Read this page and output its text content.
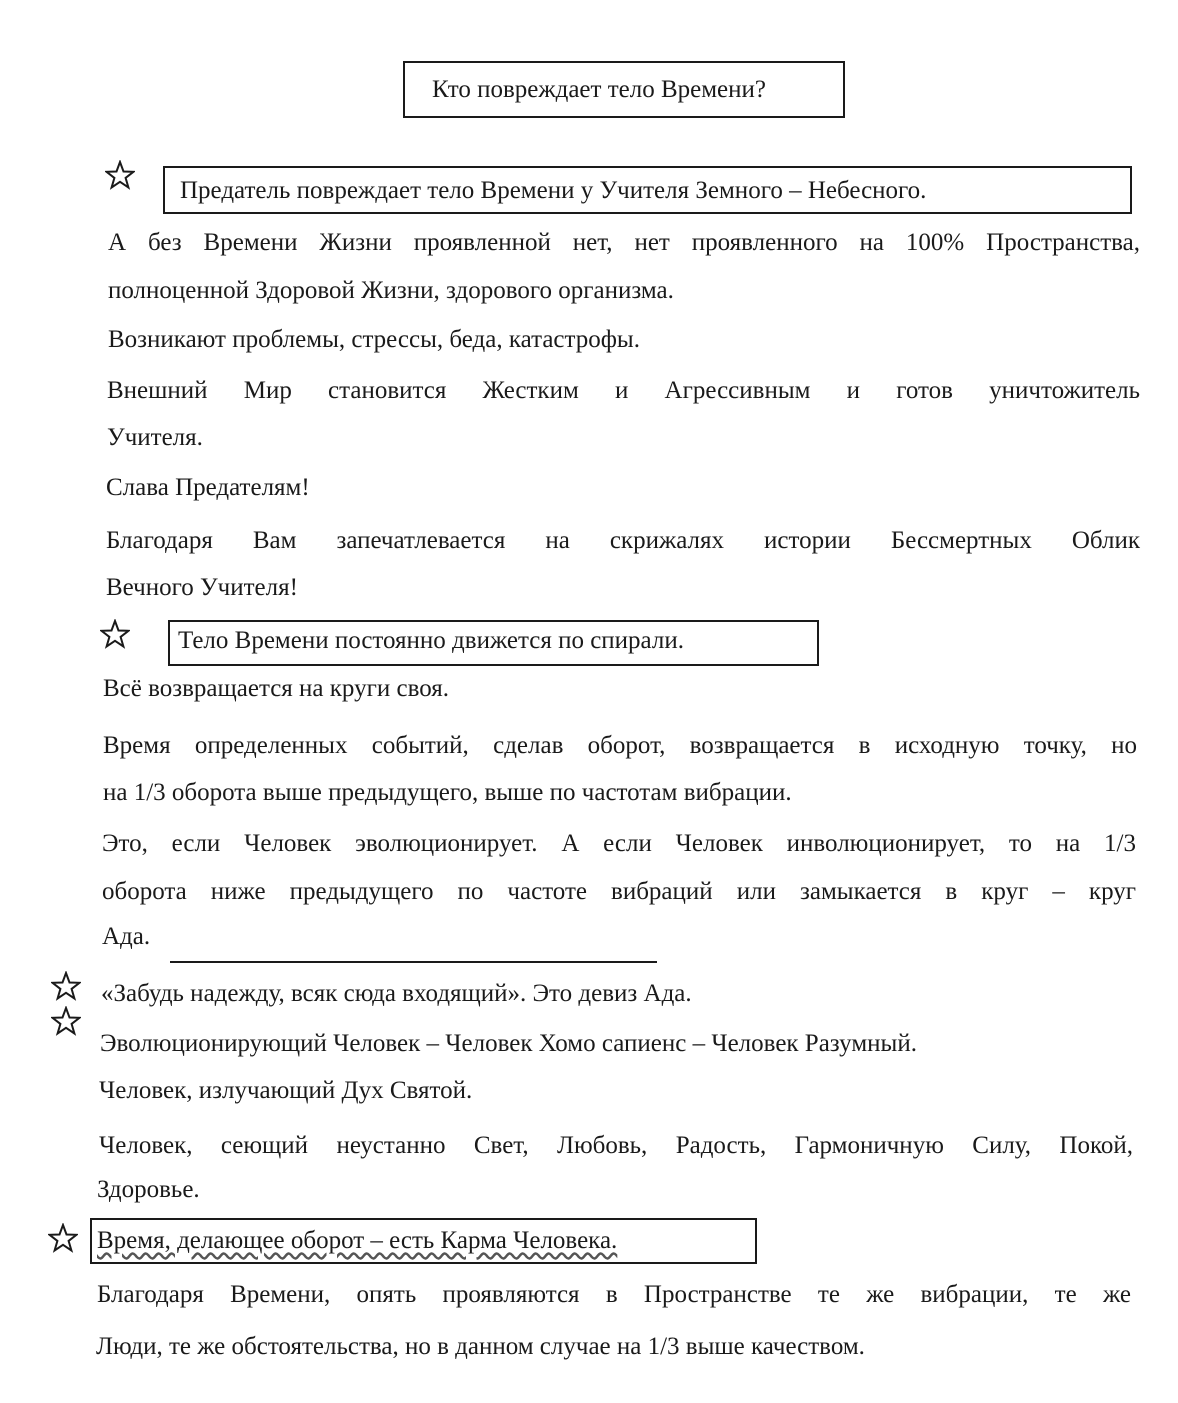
Кто повреждает тело Времени?
Предатель повреждает тело Времени у Учителя Земного – Небесного.
А без Времени Жизни проявленной нет, нет проявленного на 100% Пространства,
полноценной Здоровой Жизни, здорового организма.
Возникают проблемы, стрессы, беда, катастрофы.
Внешний Мир становится Жестким и Агрессивным и готов уничтожитель
Учителя.
Слава Предателям!
Благодаря Вам запечатлевается на скрижалях истории Бессмертных Облик
Вечного Учителя!
Тело Времени постоянно движется по спирали.
Всё возвращается на круги своя.
Время определенных событий, сделав оборот, возвращается в исходную точку, но
на 1/3 оборота выше предыдущего, выше по частотам вибрации.
Это, если Человек эволюционирует. А если Человек инволюционирует, то на 1/3
оборота ниже предыдущего по частоте вибраций или замыкается в круг – круг
Ада.
«Забудь надежду, всяк сюда входящий». Это девиз Ада.
Эволюционирующий Человек – Человек Хомо сапиенс – Человек Разумный.
Человек, излучающий Дух Святой.
Человек, сеющий неустанно Свет, Любовь, Радость, Гармоничную Силу, Покой,
Здоровье.
Время, делающее оборот – есть Карма Человека.
Благодаря Времени, опять проявляются в Пространстве те же вибрации, те же
Люди, те же обстоятельства, но в данном случае на 1/3 выше качеством.
